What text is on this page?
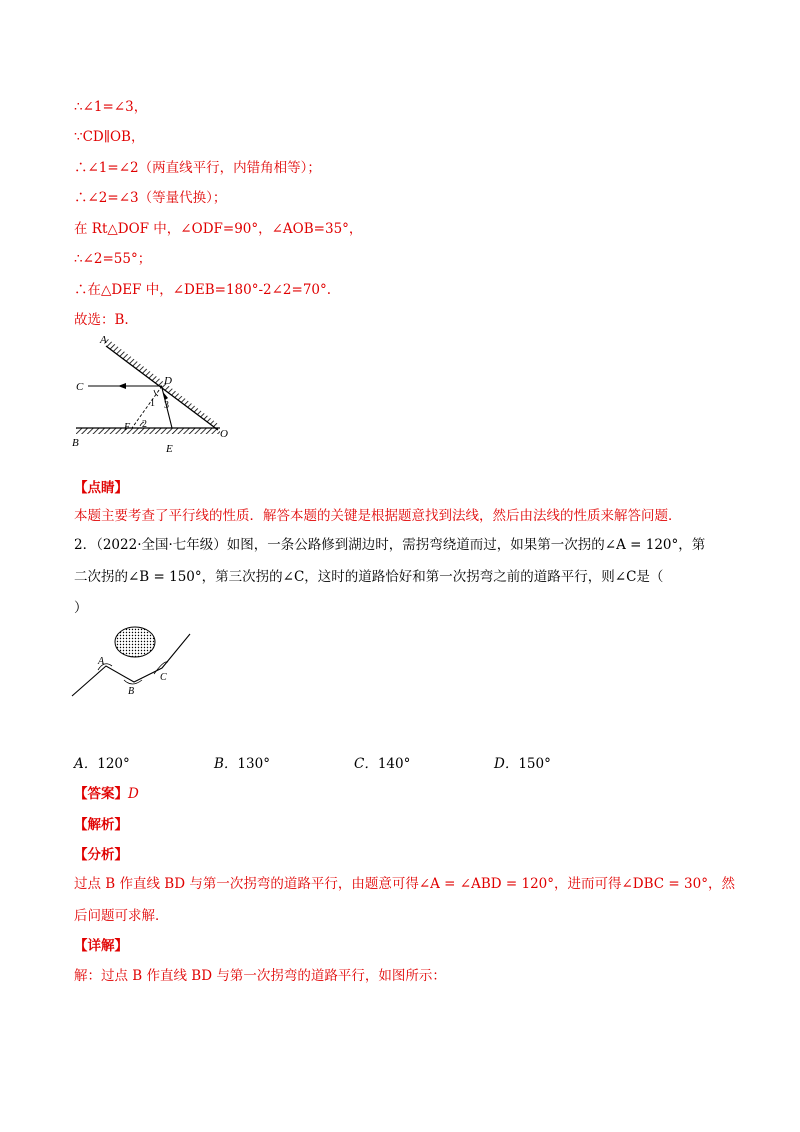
∴∠1=∠3，
∵CD∥OB，
∴∠1=∠2（两直线平行，内错角相等）；
∴∠2=∠3（等量代换）；
在 Rt△DOF 中，∠ODF=90°，∠AOB=35°，
∴∠2=55°；
∴在△DEF 中，∠DEB=180°-2∠2=70°.
故选：B.
A
C	D
B
F
E
O
1
2
3
【点睛】
本题主要考查了平行线的性质．解答本题的关键是根据题意找到法线，然后由法线的性质来解答问题．
2．（2022·全国·七年级）如图，一条公路修到湖边时，需拐弯绕道而过，如果第一次拐的∠A = 120°，第
二次拐的∠B = 150°，第三次拐的∠C，这时的道路恰好和第一次拐弯之前的道路平行，则∠C是（
）
A
B
C
A．120°	B．130°	C．140°	D．150°
【答案】D
【解析】
【分析】
过点 B 作直线 BD 与第一次拐弯的道路平行，由题意可得∠A = ∠ABD = 120°，进而可得∠DBC = 30°，然
后问题可求解．
【详解】
解：过点 B 作直线 BD 与第一次拐弯的道路平行，如图所示：
